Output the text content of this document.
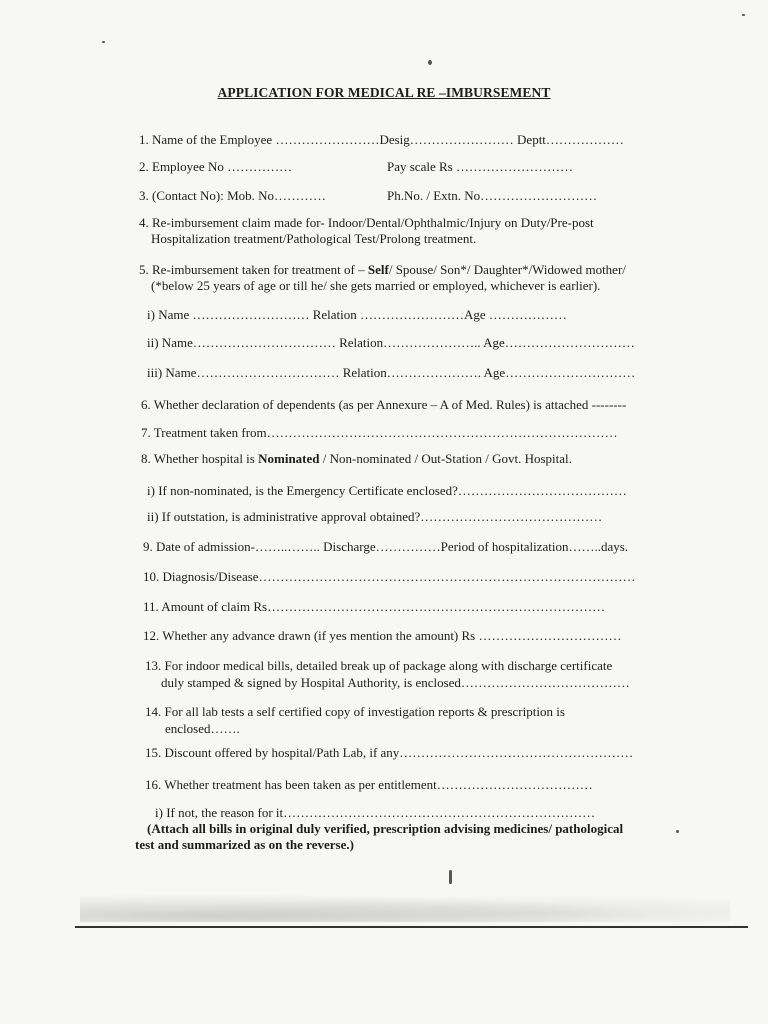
APPLICATION FOR MEDICAL RE –IMBURSEMENT
1. Name of the Employee ……………………Desig…………………… Deptt………………
2. Employee No ……………	Pay scale Rs ………………………
3. (Contact No): Mob. No…………	Ph.No. / Extn. No………………………
4. Re-imbursement claim made for- Indoor/Dental/Ophthalmic/Injury on Duty/Pre-post
Hospitalization treatment/Pathological Test/Prolong treatment.
5. Re-imbursement taken for treatment of – Self/ Spouse/ Son*/ Daughter*/Widowed mother/
(*below 25 years of age or till he/ she gets married or employed, whichever is earlier).
i) Name ……………………… Relation ……………………Age ………………
ii) Name…………………………… Relation………………….. Age…………………………
iii) Name…………………………… Relation…………………. Age…………………………
6. Whether declaration of dependents (as per Annexure – A of Med. Rules) is attached --------
7. Treatment taken from………………………………………………………………………
8. Whether hospital is Nominated / Non-nominated / Out-Station / Govt. Hospital.
i) If non-nominated, is the Emergency Certificate enclosed?…………………………………
ii) If outstation, is administrative approval obtained?……………………………………
9. Date of admission-……..…….. Discharge……………Period of hospitalization……..days.
10. Diagnosis/Disease……………………………………………………………………………
11. Amount of claim Rs……………………………………………………………………
12. Whether any advance drawn (if yes mention the amount) Rs ……………………………
13. For indoor medical bills, detailed break up of package along with discharge certificate
duly stamped & signed by Hospital Authority, is enclosed…………………………………
14. For all lab tests a self certified copy of investigation reports & prescription is
enclosed…….
15. Discount offered by hospital/Path Lab, if any………………………………………………
16. Whether treatment has been taken as per entitlement………………………………
i) If not, the reason for it………………………………………………………………
(Attach all bills in original duly verified, prescription advising medicines/ pathological
test and summarized as on the reverse.)
